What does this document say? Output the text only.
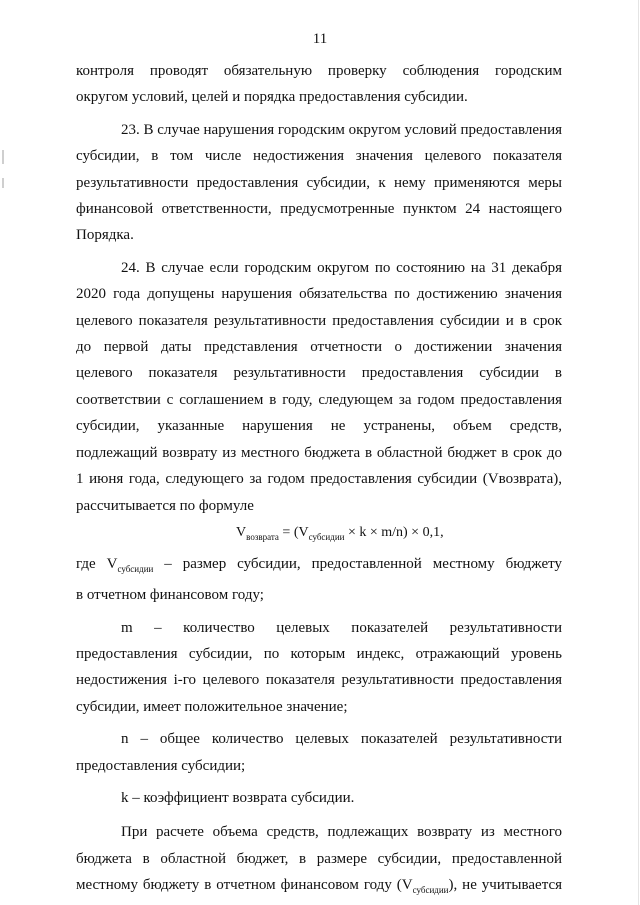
11
контроля проводят обязательную проверку соблюдения городским
округом условий, целей и порядка предоставления субсидии.
23. В случае нарушения городским округом условий предоставления
субсидии, в том числе недостижения значения целевого показателя
результативности предоставления субсидии, к нему применяются меры
финансовой ответственности, предусмотренные пунктом 24 настоящего
Порядка.
24. В случае если городским округом по состоянию на 31 декабря
2020 года допущены нарушения обязательства по достижению значения
целевого показателя результативности предоставления субсидии и в срок
до первой даты представления отчетности о достижении значения
целевого показателя результативности предоставления субсидии в
соответствии с соглашением в году, следующем за годом предоставления
субсидии, указанные нарушения не устранены, объем средств,
подлежащий возврату из местного бюджета в областной бюджет в срок до
1 июня года, следующего за годом предоставления субсидии (Vвозврата),
рассчитывается по формуле
$V_{возврата} = (V_{субсидии} \times k \times m/n) \times 0,1$,
где $V_{субсидии}$ – размер субсидии, предоставленной местному бюджету
в отчетном финансовом году;
m – количество целевых показателей результативности
предоставления субсидии, по которым индекс, отражающий уровень
недостижения i-го целевого показателя результативности предоставления
субсидии, имеет положительное значение;
n – общее количество целевых показателей результативности
предоставления субсидии;
k – коэффициент возврата субсидии.
При расчете объема средств, подлежащих возврату из местного
бюджета в областной бюджет, в размере субсидии, предоставленной
местному бюджету в отчетном финансовом году $(V_{субсидии})$, не учитывается
